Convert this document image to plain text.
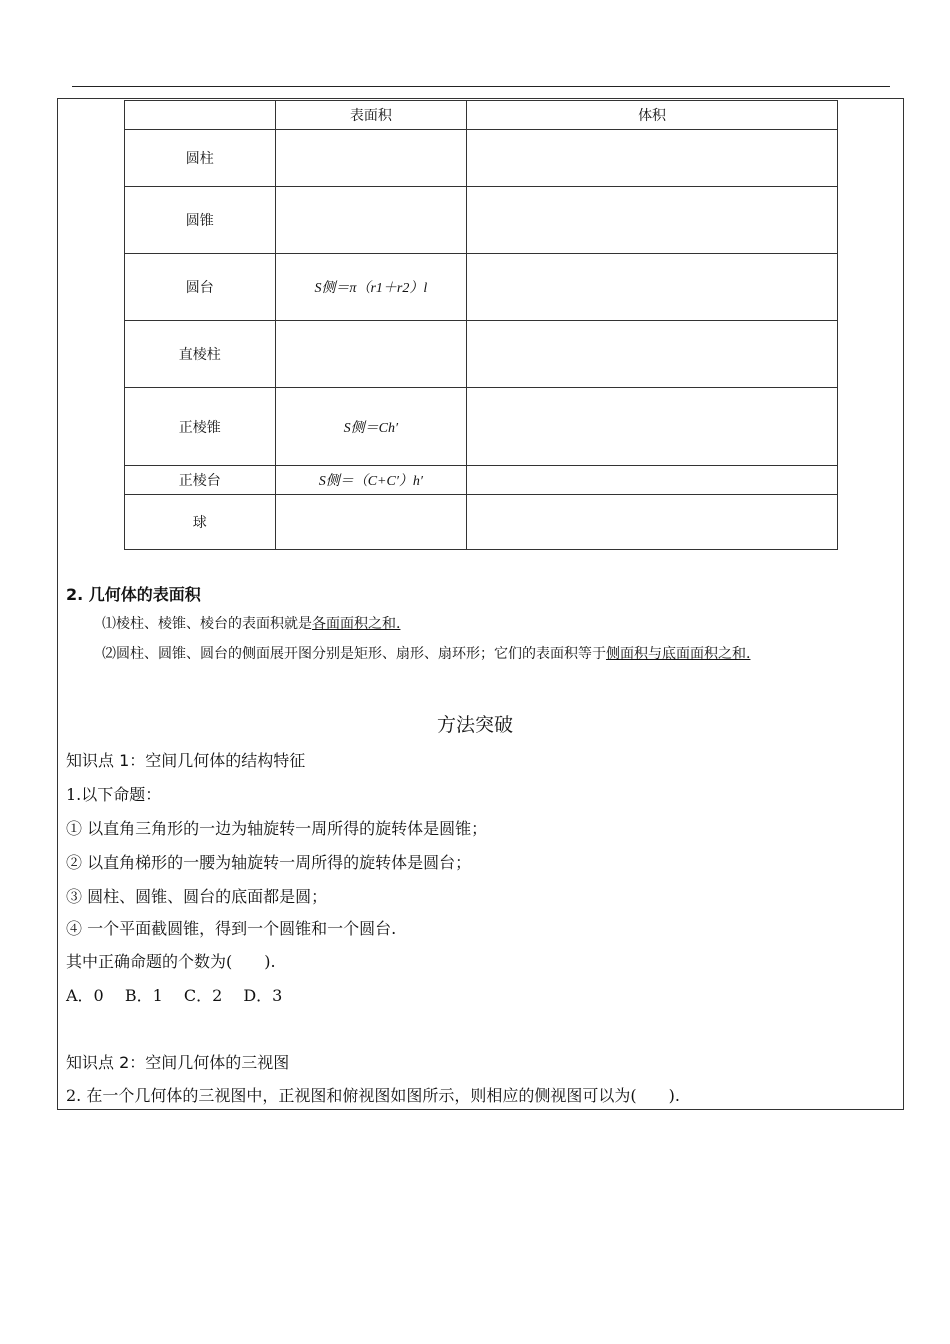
	表面积	体积
圆柱		
圆锥		
圆台	S侧＝π（r1＋r2）l	
直棱柱		
正棱锥	S侧＝Ch′	
正棱台	S侧＝（C+C′）h′	
球		
2. 几何体的表面积
⑴棱柱、棱锥、棱台的表面积就是各面面积之和.
⑵圆柱、圆锥、圆台的侧面展开图分别是矩形、扇形、扇环形；它们的表面积等于侧面积与底面面积之和.
方法突破
知识点 1：空间几何体的结构特征
1.以下命题：
① 以直角三角形的一边为轴旋转一周所得的旋转体是圆锥；
② 以直角梯形的一腰为轴旋转一周所得的旋转体是圆台；
③ 圆柱、圆锥、圆台的底面都是圆；
④ 一个平面截圆锥，得到一个圆锥和一个圆台.
其中正确命题的个数为(　　).
A．0　 B．1　 C．2　 D．3
知识点 2：空间几何体的三视图
2. 在一个几何体的三视图中，正视图和俯视图如图所示，则相应的侧视图可以为(　　).
